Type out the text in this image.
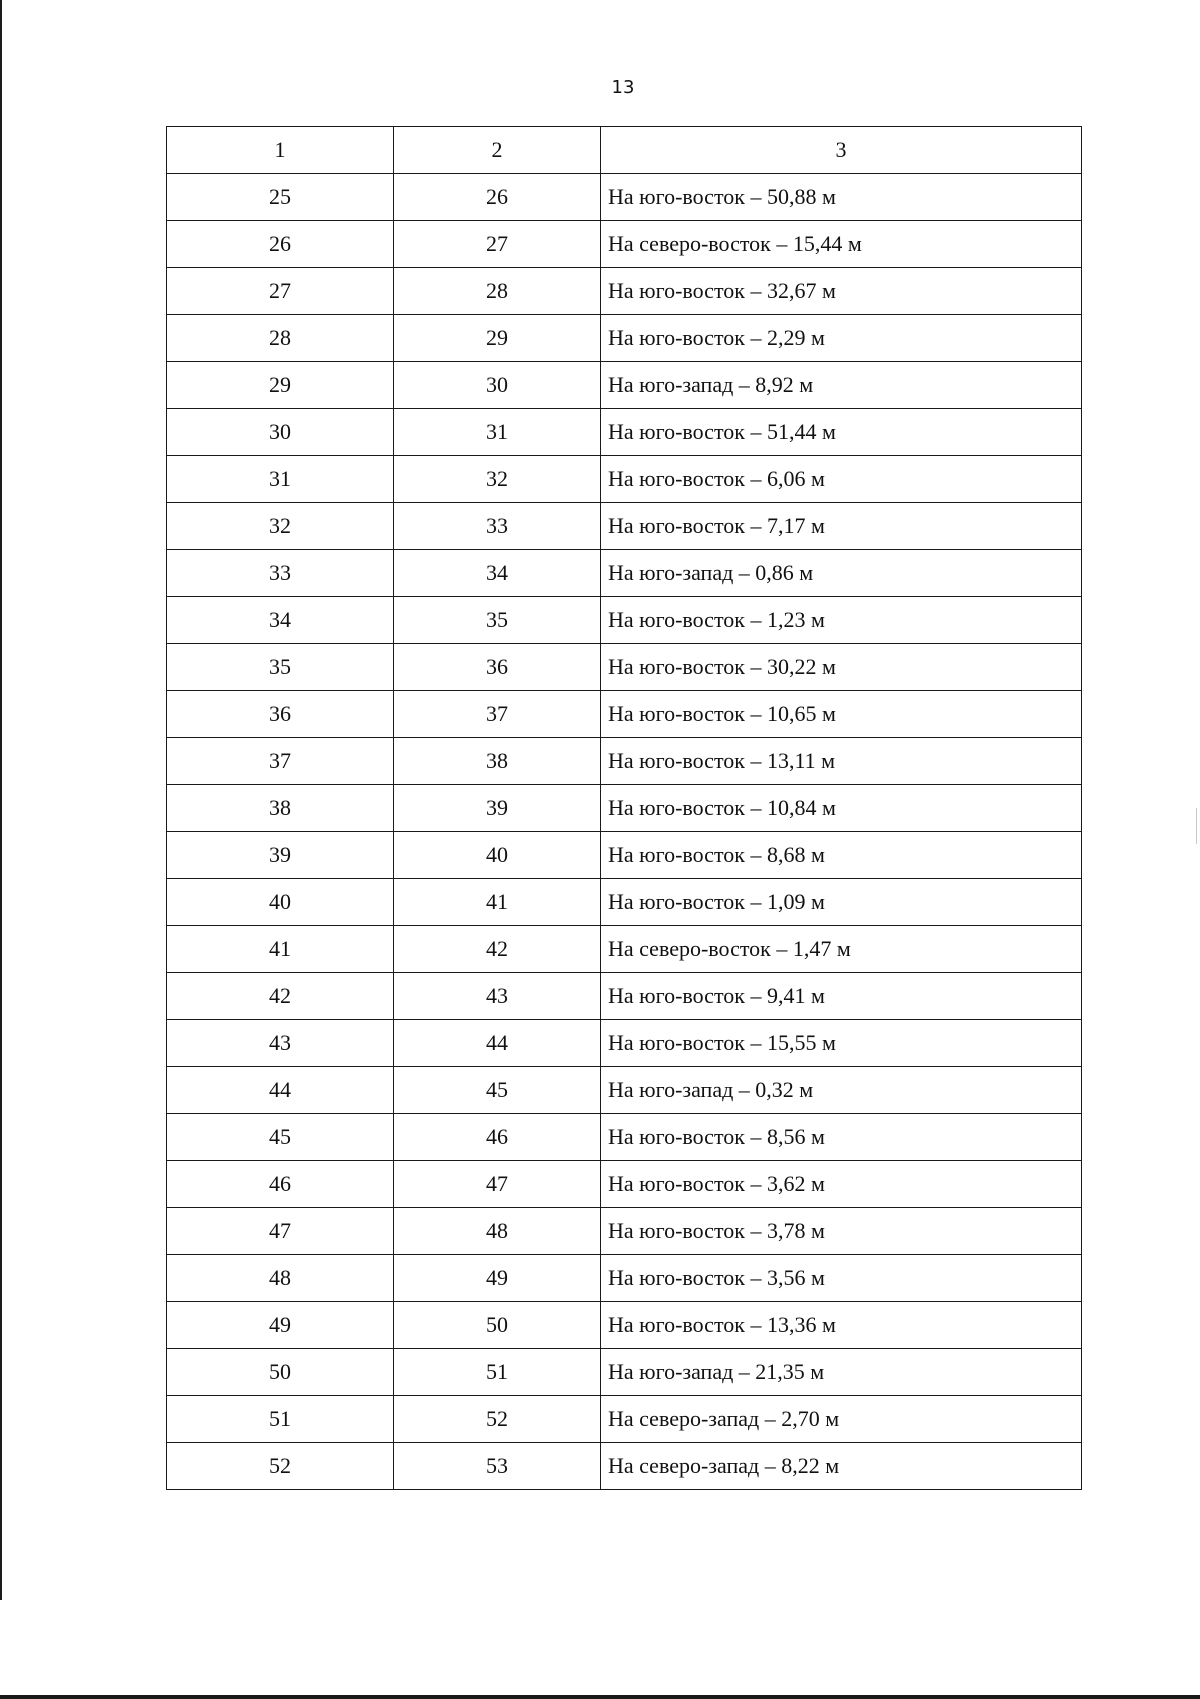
13
1	2	3
25	26	На юго-восток – 50,88 м
26	27	На северо-восток – 15,44 м
27	28	На юго-восток – 32,67 м
28	29	На юго-восток – 2,29 м
29	30	На юго-запад – 8,92 м
30	31	На юго-восток – 51,44 м
31	32	На юго-восток – 6,06 м
32	33	На юго-восток – 7,17 м
33	34	На юго-запад – 0,86 м
34	35	На юго-восток – 1,23 м
35	36	На юго-восток – 30,22 м
36	37	На юго-восток – 10,65 м
37	38	На юго-восток – 13,11 м
38	39	На юго-восток – 10,84 м
39	40	На юго-восток – 8,68 м
40	41	На юго-восток – 1,09 м
41	42	На северо-восток – 1,47 м
42	43	На юго-восток – 9,41 м
43	44	На юго-восток – 15,55 м
44	45	На юго-запад – 0,32 м
45	46	На юго-восток – 8,56 м
46	47	На юго-восток – 3,62 м
47	48	На юго-восток – 3,78 м
48	49	На юго-восток – 3,56 м
49	50	На юго-восток – 13,36 м
50	51	На юго-запад – 21,35 м
51	52	На северо-запад – 2,70 м
52	53	На северо-запад – 8,22 м
